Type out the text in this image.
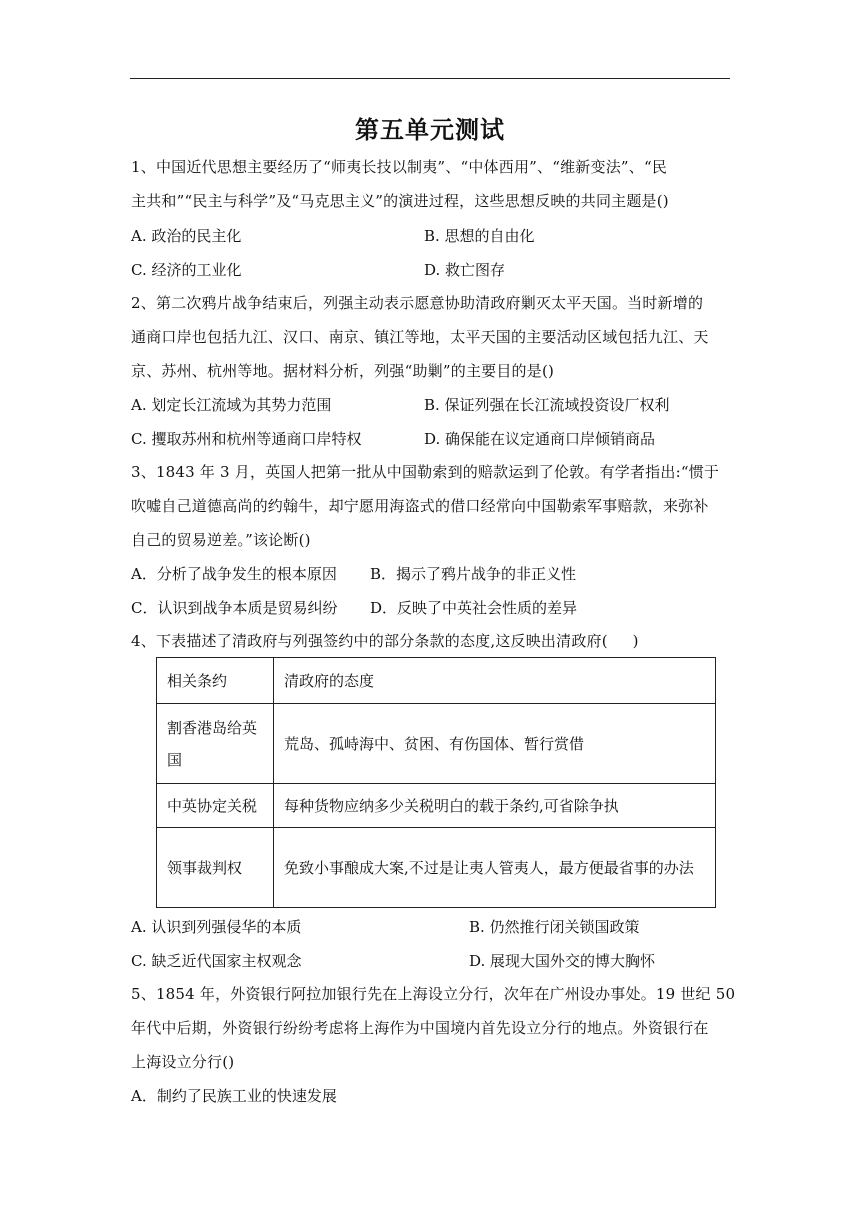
第五单元测试
1、中国近代思想主要经历了“师夷长技以制夷”、“中体西用”、“维新变法”、“民
主共和”“民主与科学”及“马克思主义”的演进过程，这些思想反映的共同主题是()
A. 政治的民主化	B. 思想的自由化
C. 经济的工业化	D. 救亡图存
2、第二次鸦片战争结束后，列强主动表示愿意协助清政府剿灭太平天国。当时新增的
通商口岸也包括九江、汉口、南京、镇江等地，太平天国的主要活动区域包括九江、天
京、苏州、杭州等地。据材料分析，列强“助剿”的主要目的是()
A. 划定长江流域为其势力范围	B. 保证列强在长江流域投资设厂权利
C. 攫取苏州和杭州等通商口岸特权	D. 确保能在议定通商口岸倾销商品
3、1843 年 3 月，英国人把第一批从中国勒索到的赔款运到了伦敦。有学者指出:“惯于
吹嘘自己道德高尚的约翰牛，却宁愿用海盗式的借口经常向中国勒索军事赔款，来弥补
自己的贸易逆差。”该论断()
A．分析了战争发生的根本原因 B．揭示了鸦片战争的非正义性
C．认识到战争本质是贸易纠纷 D．反映了中英社会性质的差异
4、下表描述了清政府与列强签约中的部分条款的态度,这反映出清政府(     )
相关条约	清政府的态度
割香港岛给英国	荒岛、孤峙海中、贫困、有伤国体、暂行赏借
中英协定关税	每种货物应纳多少关税明白的载于条约,可省除争执
领事裁判权	免致小事酿成大案,不过是让夷人管夷人，最方便最省事的办法
A. 认识到列强侵华的本质	B. 仍然推行闭关锁国政策
C. 缺乏近代国家主权观念	D. 展现大国外交的博大胸怀
5、1854 年，外资银行阿拉加银行先在上海设立分行，次年在广州设办事处。19 世纪 50
年代中后期，外资银行纷纷考虑将上海作为中国境内首先设立分行的地点。外资银行在
上海设立分行()
A．制约了民族工业的快速发展
